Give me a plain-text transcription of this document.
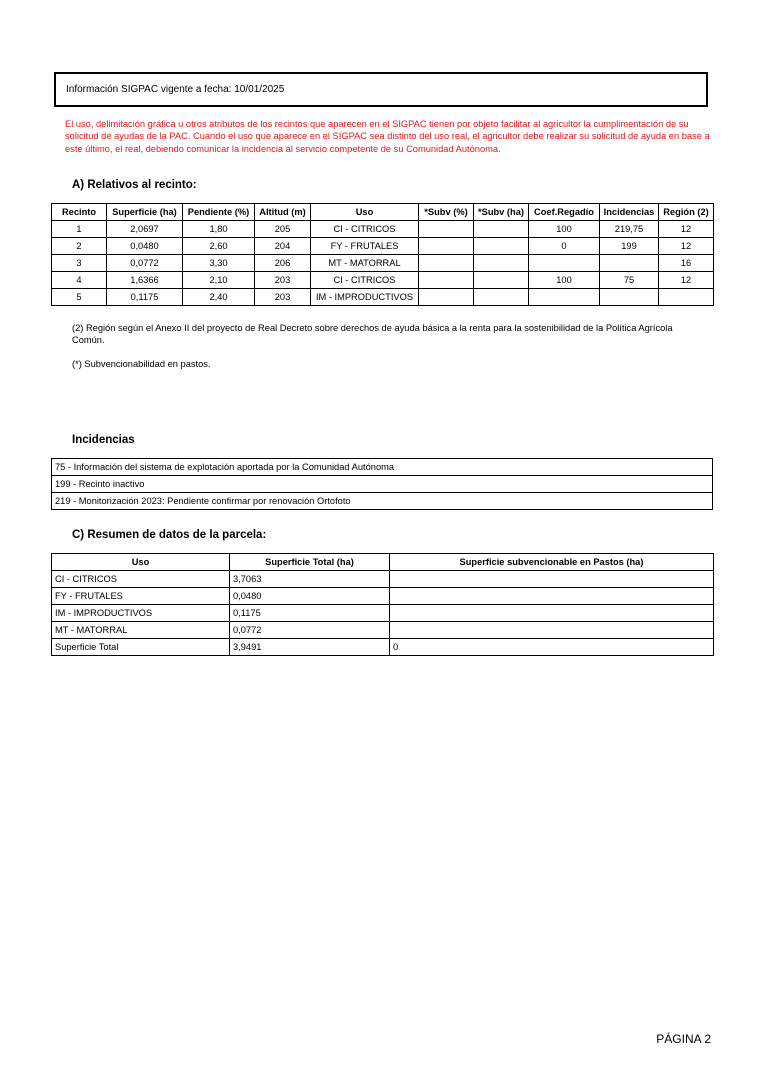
Información SIGPAC vigente a fecha: 10/01/2025
El uso, delimitación gráfica u otros atributos de los recintos que aparecen en el SIGPAC tienen por objeto facilitar al agricultor la cumplimentación de su solicitud de ayudas de la PAC. Cuando el uso que aparece en el SIGPAC sea distinto del uso real, el agricultor debe realizar su solicitud de ayuda en base a este último, el real, debiendo comunicar la incidencia al servicio competente de su Comunidad Autónoma.
A) Relativos al recinto:
Recinto	Superficie (ha)	Pendiente (%)	Altitud (m)	Uso	*Subv (%)	*Subv (ha)	Coef.Regadío	Incidencias	Región (2)
1	2,0697	1,80	205	CI - CITRICOS			100	219,75	12
2	0,0480	2,60	204	FY - FRUTALES			0	199	12
3	0,0772	3,30	206	MT - MATORRAL					16
4	1,6366	2,10	203	CI - CITRICOS			100	75	12
5	0,1175	2,40	203	IM - IMPRODUCTIVOS					
(2) Región según el Anexo II del proyecto de Real Decreto sobre derechos de ayuda básica a la renta para la sostenibilidad de la Política Agrícola Común.
(*) Subvencionabilidad en pastos.
Incidencias
75 - Información del sistema de explotación aportada por la Comunidad Autónoma
199 - Recinto inactivo
219 - Monitorización 2023: Pendiente confirmar por renovación Ortofoto
C) Resumen de datos de la parcela:
Uso	Superficie Total (ha)	Superficie subvencionable en Pastos (ha)
CI - CITRICOS	3,7063	
FY - FRUTALES	0,0480	
IM - IMPRODUCTIVOS	0,1175	
MT - MATORRAL	0,0772	
Superficie Total	3,9491	0
PÁGINA 2
